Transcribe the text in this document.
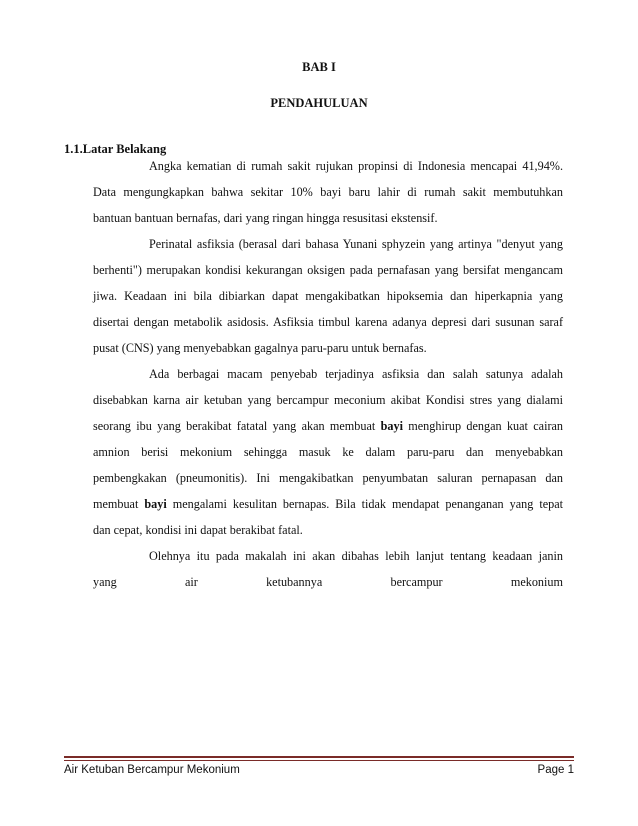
BAB I
PENDAHULUAN
1.1.Latar Belakang
Angka kematian di rumah sakit rujukan propinsi di Indonesia mencapai 41,94%.
Data mengungkapkan bahwa sekitar 10% bayi baru lahir di rumah sakit membutuhkan
bantuan bantuan bernafas, dari yang ringan hingga resusitasi ekstensif.
Perinatal asfiksia (berasal dari bahasa Yunani sphyzein yang artinya "denyut yang
berhenti") merupakan kondisi kekurangan oksigen pada pernafasan yang bersifat mengancam
jiwa. Keadaan ini bila dibiarkan dapat mengakibatkan hipoksemia dan hiperkapnia yang
disertai dengan metabolik asidosis. Asfiksia timbul karena adanya depresi dari susunan saraf
pusat (CNS) yang menyebabkan gagalnya paru-paru untuk bernafas.
Ada berbagai macam penyebab terjadinya asfiksia dan salah satunya adalah
disebabkan karna air ketuban yang bercampur meconium akibat Kondisi stres yang dialami
seorang ibu yang berakibat fatatal yang akan membuat bayi menghirup dengan kuat cairan
amnion berisi mekonium sehingga masuk ke dalam paru-paru dan menyebabkan
pembengkakan (pneumonitis). Ini mengakibatkan penyumbatan saluran pernapasan dan
membuat bayi mengalami kesulitan bernapas. Bila tidak mendapat penanganan yang tepat
dan cepat, kondisi ini dapat berakibat fatal.
Olehnya itu pada makalah ini akan dibahas lebih lanjut tentang keadaan janin
yang	air	ketubannya	bercampur	mekonium
Air Ketuban Bercampur Mekonium	Page 1
